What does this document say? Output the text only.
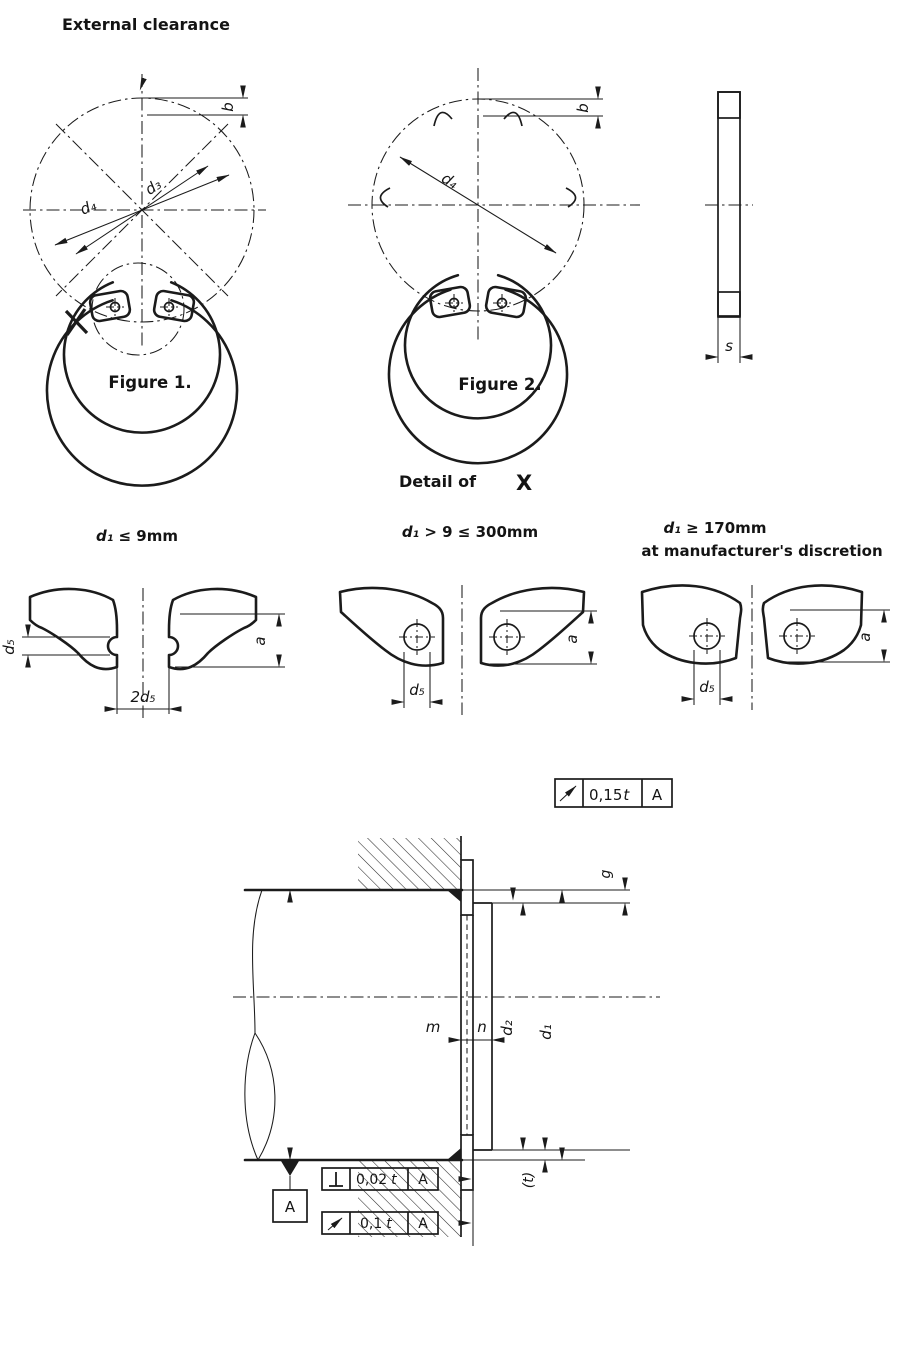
d₄
d₃
b
External clearance
Figure 1.
d₄
b
Figure 2.
s
Detail of X
d₁ ≤ 9mm
d₅
2d₅
a
d₁ > 9 ≤ 300mm
d₅
a
d₁ ≥ 170mm
at manufacturer's discretion
d₅
a
g
d₂ d₁
(t)
m n
A
0,15t A
0,02 t A
0,1 t A
